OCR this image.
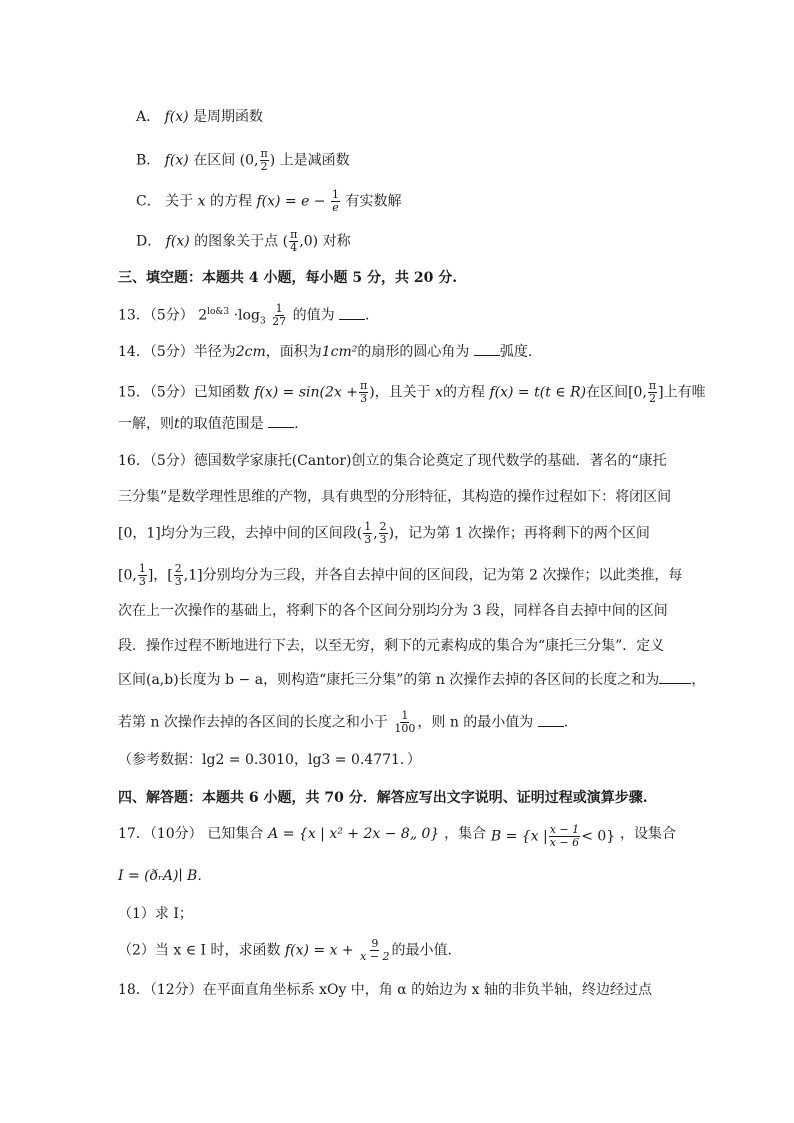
A． f(x) 是周期函数
B． f(x) 在区间 (0, $\frac{\pi}{2}$ ) 上是减函数
C． 关于 x 的方程 $f(x) = e - \frac{1}{e}$ 有实数解
D． f(x) 的图象关于点 ( $\frac{\pi}{4} ,0$) 对称
三、填空题：本题共 4 小题，每小题 5 分，共 20 分.
13．（5分） $2^{lo\&3} \cdot\log_3 \frac{1}{27}$ 的值为 .
14．（5分）半径为2cm，面积为1cm²的扇形的圆心角为 弧度.
15．（5分）已知函数 $f(x) = \sin(2x + \frac{\pi}{3}$ )，且关于 x的方程 f(x) = t(t ∈ R)在区间[0, $\frac{\pi}{2}$ ]上有唯
一解，则t的取值范围是 .
16．（5分）德国数学家康托(Cantor)创立的集合论奠定了现代数学的基础．著名的“康托
三分集”是数学理性思维的产物，具有典型的分形特征，其构造的操作过程如下：将闭区间
[0，1]均分为三段，去掉中间的区间段( $\frac{1}{3}$ , $\frac{2}{3}$ )，记为第 1 次操作；再将剩下的两个区间
[0, $\frac{1}{3}$ ]，[ $\frac{2}{3} ,1$]分别均分为三段，并各自去掉中间的区间段，记为第 2 次操作；以此类推，每
次在上一次操作的基础上，将剩下的各个区间分别均分为 3 段，同样各自去掉中间的区间
段．操作过程不断地进行下去，以至无穷，剩下的元素构成的集合为“康托三分集”．定义
区间(a,b)长度为 b − a，则构造“康托三分集”的第 n 次操作去掉的各区间的长度之和为 ，
若第 n 次操作去掉的各区间的长度之和小于 $\frac{1}{100}$ ，则 n 的最小值为 .
（参考数据：lg2 = 0.3010，lg3 = 0.4771．）
四、解答题：本题共 6 小题，共 70 分．解答应写出文字说明、证明过程或演算步骤.
17．（10分） 已知集合 A = {x | x² + 2x − 8„ 0} ，集合 B = {x | $\frac{x - 1}{x - 6} < 0$} ，设集合
I = (ðᵣA)∣ B．
（1）求 I；
（2）当 x ∈ I 时，求函数 $f(x) = x + \frac{9}{x - 2}$ 的最小值.
18．（12分）在平面直角坐标系 xOy 中，角 α 的始边为 x 轴的非负半轴，终边经过点
